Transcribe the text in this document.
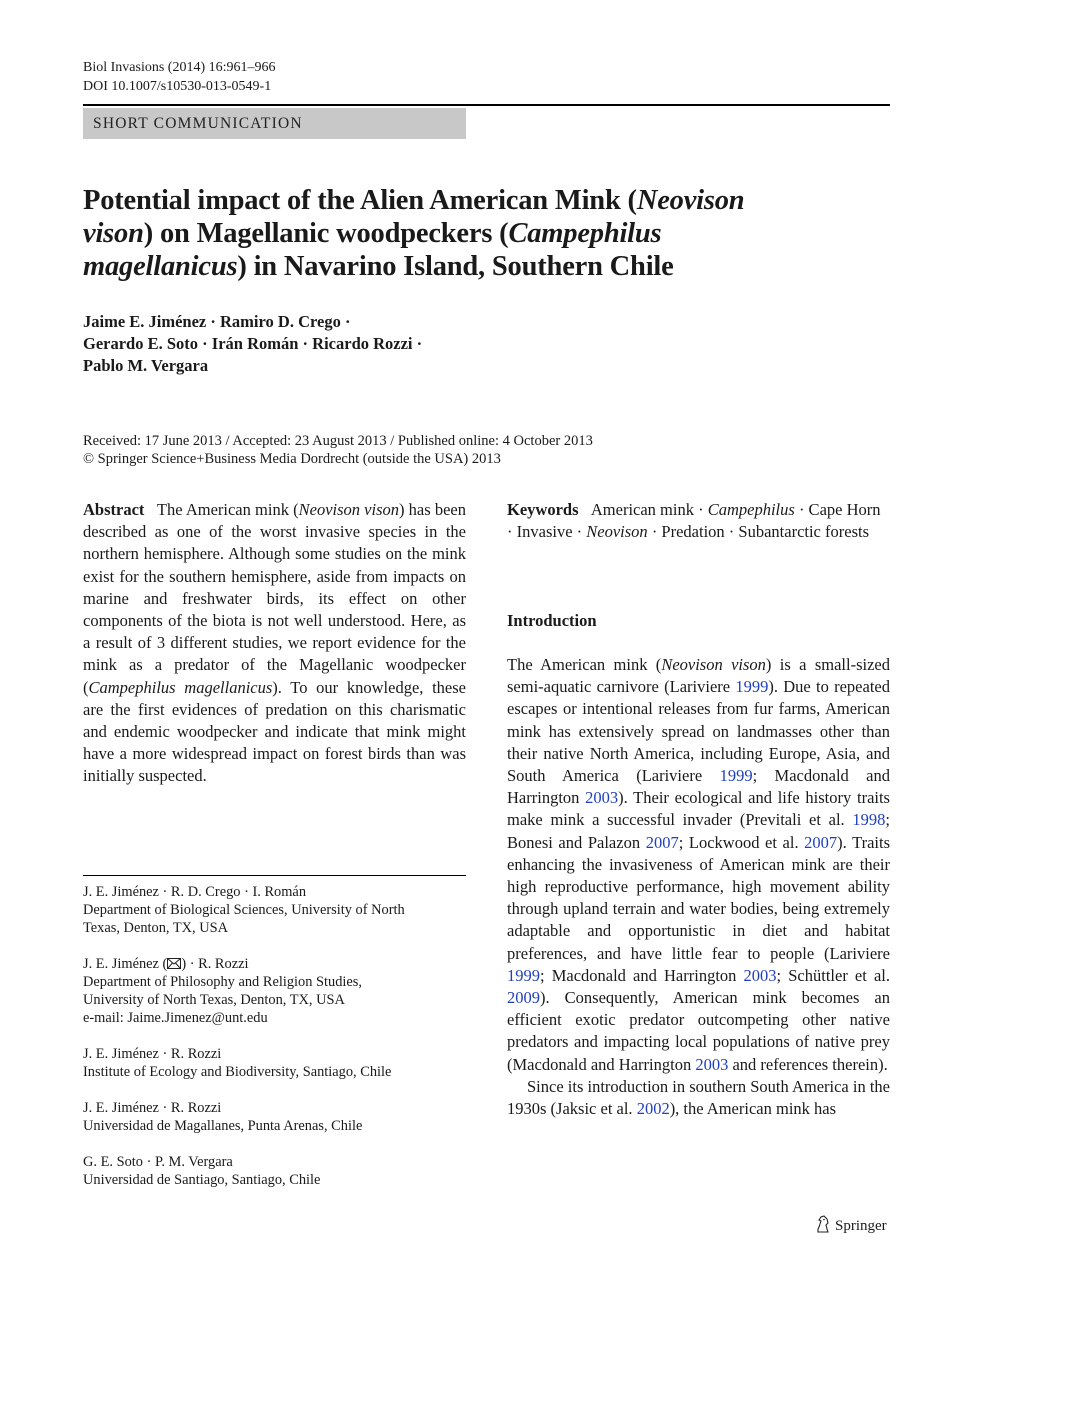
Biol Invasions (2014) 16:961–966
DOI 10.1007/s10530-013-0549-1
SHORT COMMUNICATION
Potential impact of the Alien American Mink (Neovison
vison) on Magellanic woodpeckers (Campephilus
magellanicus) in Navarino Island, Southern Chile
Jaime E. Jiménez · Ramiro D. Crego ·
Gerardo E. Soto · Irán Román · Ricardo Rozzi ·
Pablo M. Vergara
Received: 17 June 2013 / Accepted: 23 August 2013 / Published online: 4 October 2013
© Springer Science+Business Media Dordrecht (outside the USA) 2013

Abstract The American mink (Neovison vison) has been described as one of the worst invasive species in the northern hemisphere. Although some studies on the mink exist for the southern hemisphere, aside from impacts on marine and freshwater birds, its effect on other components of the biota is not well understood. Here, as a result of 3 different studies, we report evidence for the mink as a predator of the Magellanic woodpecker (Campephilus magellanicus). To our knowledge, these are the first evidences of predation on this charismatic and endemic woodpecker and indicate that mink might have a more widespread impact on forest birds than was initially suspected.

J. E. Jiménez · R. D. Crego · I. Román
Department of Biological Sciences, University of North
Texas, Denton, TX, USA
J. E. Jiménez ( ) · R. Rozzi
Department of Philosophy and Religion Studies,
University of North Texas, Denton, TX, USA
e-mail: Jaime.Jimenez@unt.edu
J. E. Jiménez · R. Rozzi
Institute of Ecology and Biodiversity, Santiago, Chile
J. E. Jiménez · R. Rozzi
Universidad de Magallanes, Punta Arenas, Chile
G. E. Soto · P. M. Vergara
Universidad de Santiago, Santiago, Chile

Keywords American mink · Campephilus · Cape Horn · Invasive · Neovison · Predation · Subantarctic forests

Introduction

The American mink (Neovison vison) is a small-sized semi-aquatic carnivore (Lariviere 1999). Due to repeated escapes or intentional releases from fur farms, American mink has extensively spread on landmasses other than their native North America, including Europe, Asia, and South America (Lariviere 1999; Macdonald and Harrington 2003). Their ecological and life history traits make mink a successful invader (Previtali et al. 1998; Bonesi and Palazon 2007; Lockwood et al. 2007). Traits enhancing the invasiveness of American mink are their high reproductive performance, high movement ability through upland terrain and water bodies, being extremely adaptable and opportunistic in diet and habitat preferences, and have little fear to people (Lariviere 1999; Macdonald and Harrington 2003; Schüttler et al. 2009). Consequently, American mink becomes an efficient exotic predator outcompeting other native predators and impacting local populations of native prey (Macdonald and Harrington 2003 and references therein).

Since its introduction in southern South America in the 1930s (Jaksic et al. 2002), the American mink has

Springer
